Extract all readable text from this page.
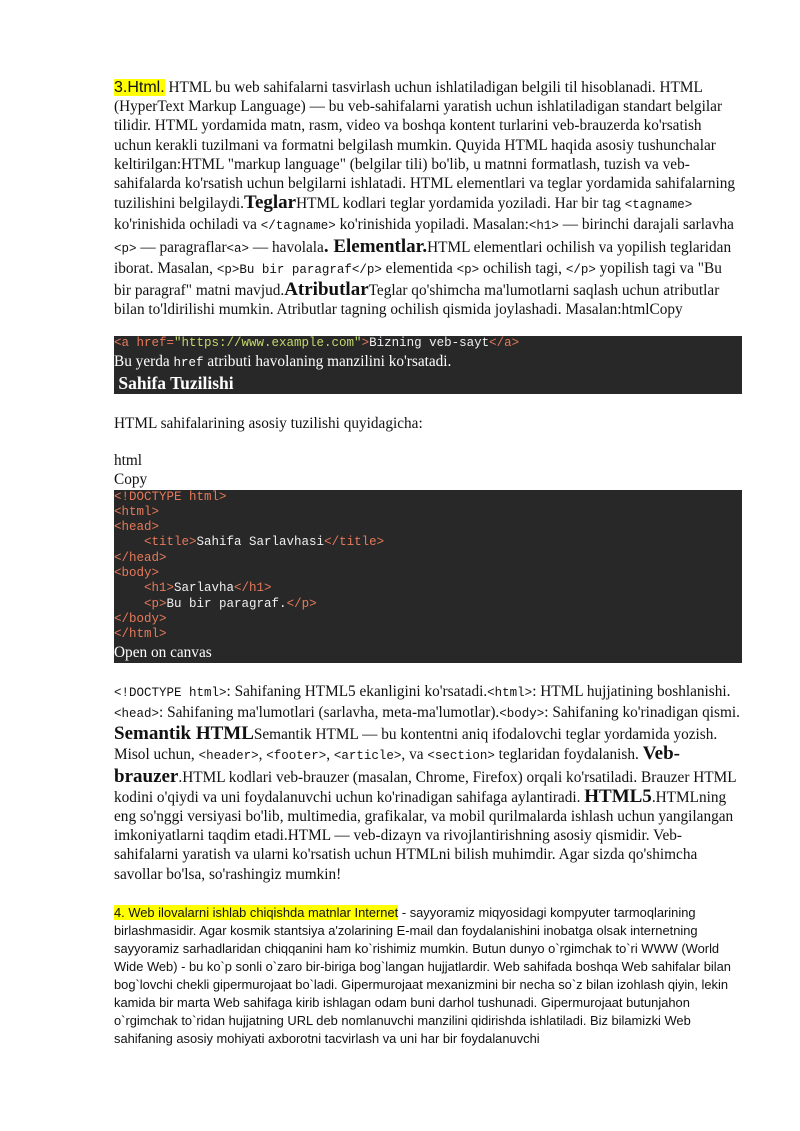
3.Html. HTML bu web sahifalarni tasvirlash uchun ishlatiladigan belgili til hisoblanadi. HTML (HyperText Markup Language) — bu veb-sahifalarni yaratish uchun ishlatiladigan standart belgilar tilidir. HTML yordamida matn, rasm, video va boshqa kontent turlarini veb-brauzerda ko'rsatish uchun kerakli tuzilmani va formatni belgilash mumkin. Quyida HTML haqida asosiy tushunchalar keltirilgan:HTML "markup language" (belgilar tili) bo'lib, u matnni formatlash, tuzish va veb-sahifalarda ko'rsatish uchun belgilarni ishlatadi. HTML elementlari va teglar yordamida sahifalarning tuzilishini belgilaydi.TeglarHTML kodlari teglar yordamida yoziladi. Har bir tag <tagname> ko'rinishida ochiladi va </tagname> ko'rinishida yopiladi. Masalan:<h1> — birinchi darajali sarlavha <p> — paragraflar<a> — havolala. Elementlar.HTML elementlari ochilish va yopilish teglaridan iborat. Masalan, <p>Bu bir paragraf</p> elementida <p> ochilish tagi, </p> yopilish tagi va "Bu bir paragraf" matni mavjud.AtributlarTeglar qo'shimcha ma'lumotlarni saqlash uchun atributlar bilan to'ldirilishi mumkin. Atributlar tagning ochilish qismida joylashadi. Masalan:htmlCopy

<a href="https://www.example.com">Bizning veb-sayt</a>

Bu yerda href atributi havolaning manzilini ko'rsatadi.

Sahifa Tuzilishi

HTML sahifalarining asosiy tuzilishi quyidagicha:

html

Copy

<!DOCTYPE html>
<html>
<head>
<title>Sahifa Sarlavhasi</title>
</head>
<body>
<h1>Sarlavha</h1>
<p>Bu bir paragraf.</p>
</body>
</html>

Open on canvas

<!DOCTYPE html>: Sahifaning HTML5 ekanligini ko'rsatadi.<html>: HTML hujjatining boshlanishi.<head>: Sahifaning ma'lumotlari (sarlavha, meta-ma'lumotlar).<body>: Sahifaning ko'rinadigan qismi. Semantik HTMLSemantik HTML — bu kontentni aniq ifodalovchi teglar yordamida yozish. Misol uchun, <header>, <footer>, <article>, va <section> teglaridan foydalanish. Veb-brauzer.HTML kodlari veb-brauzer (masalan, Chrome, Firefox) orqali ko'rsatiladi. Brauzer HTML kodini o'qiydi va uni foydalanuvchi uchun ko'rinadigan sahifaga aylantiradi. HTML5.HTMLning eng so'nggi versiyasi bo'lib, multimedia, grafikalar, va mobil qurilmalarda ishlash uchun yangilangan imkoniyatlarni taqdim etadi.HTML — veb-dizayn va rivojlantirishning asosiy qismidir. Veb-sahifalarni yaratish va ularni ko'rsatish uchun HTMLni bilish muhimdir. Agar sizda qo'shimcha savollar bo'lsa, so'rashingiz mumkin!

4. Web ilovalarni ishlab chiqishda matnlar Internet - sayyoramiz miqyosidagi kompyuter tarmoqlarining birlashmasidir. Agar kosmik stantsiya a'zolarining E-mail dan foydalanishini inobatga olsak internetning sayyoramiz sarhadlaridan chiqqanini ham ko`rishimiz mumkin. Butun dunyo o`rgimchak to`ri WWW (World Wide Web) - bu ko`p sonli o`zaro bir-biriga bog`langan hujjatlardir. Web sahifada boshqa Web sahifalar bilan bog`lovchi chekli gipermurojaat bo`ladi. Gipermurojaat mexanizmini bir necha so`z bilan izohlash qiyin, lekin kamida bir marta Web sahifaga kirib ishlagan odam buni darhol tushunadi. Gipermurojaat butunjahon o`rgimchak to`ridan hujjatning URL deb nomlanuvchi manzilini qidirishda ishlatiladi. Biz bilamizki Web sahifaning asosiy mohiyati axborotni tacvirlash va uni har bir foydalanuvchi
